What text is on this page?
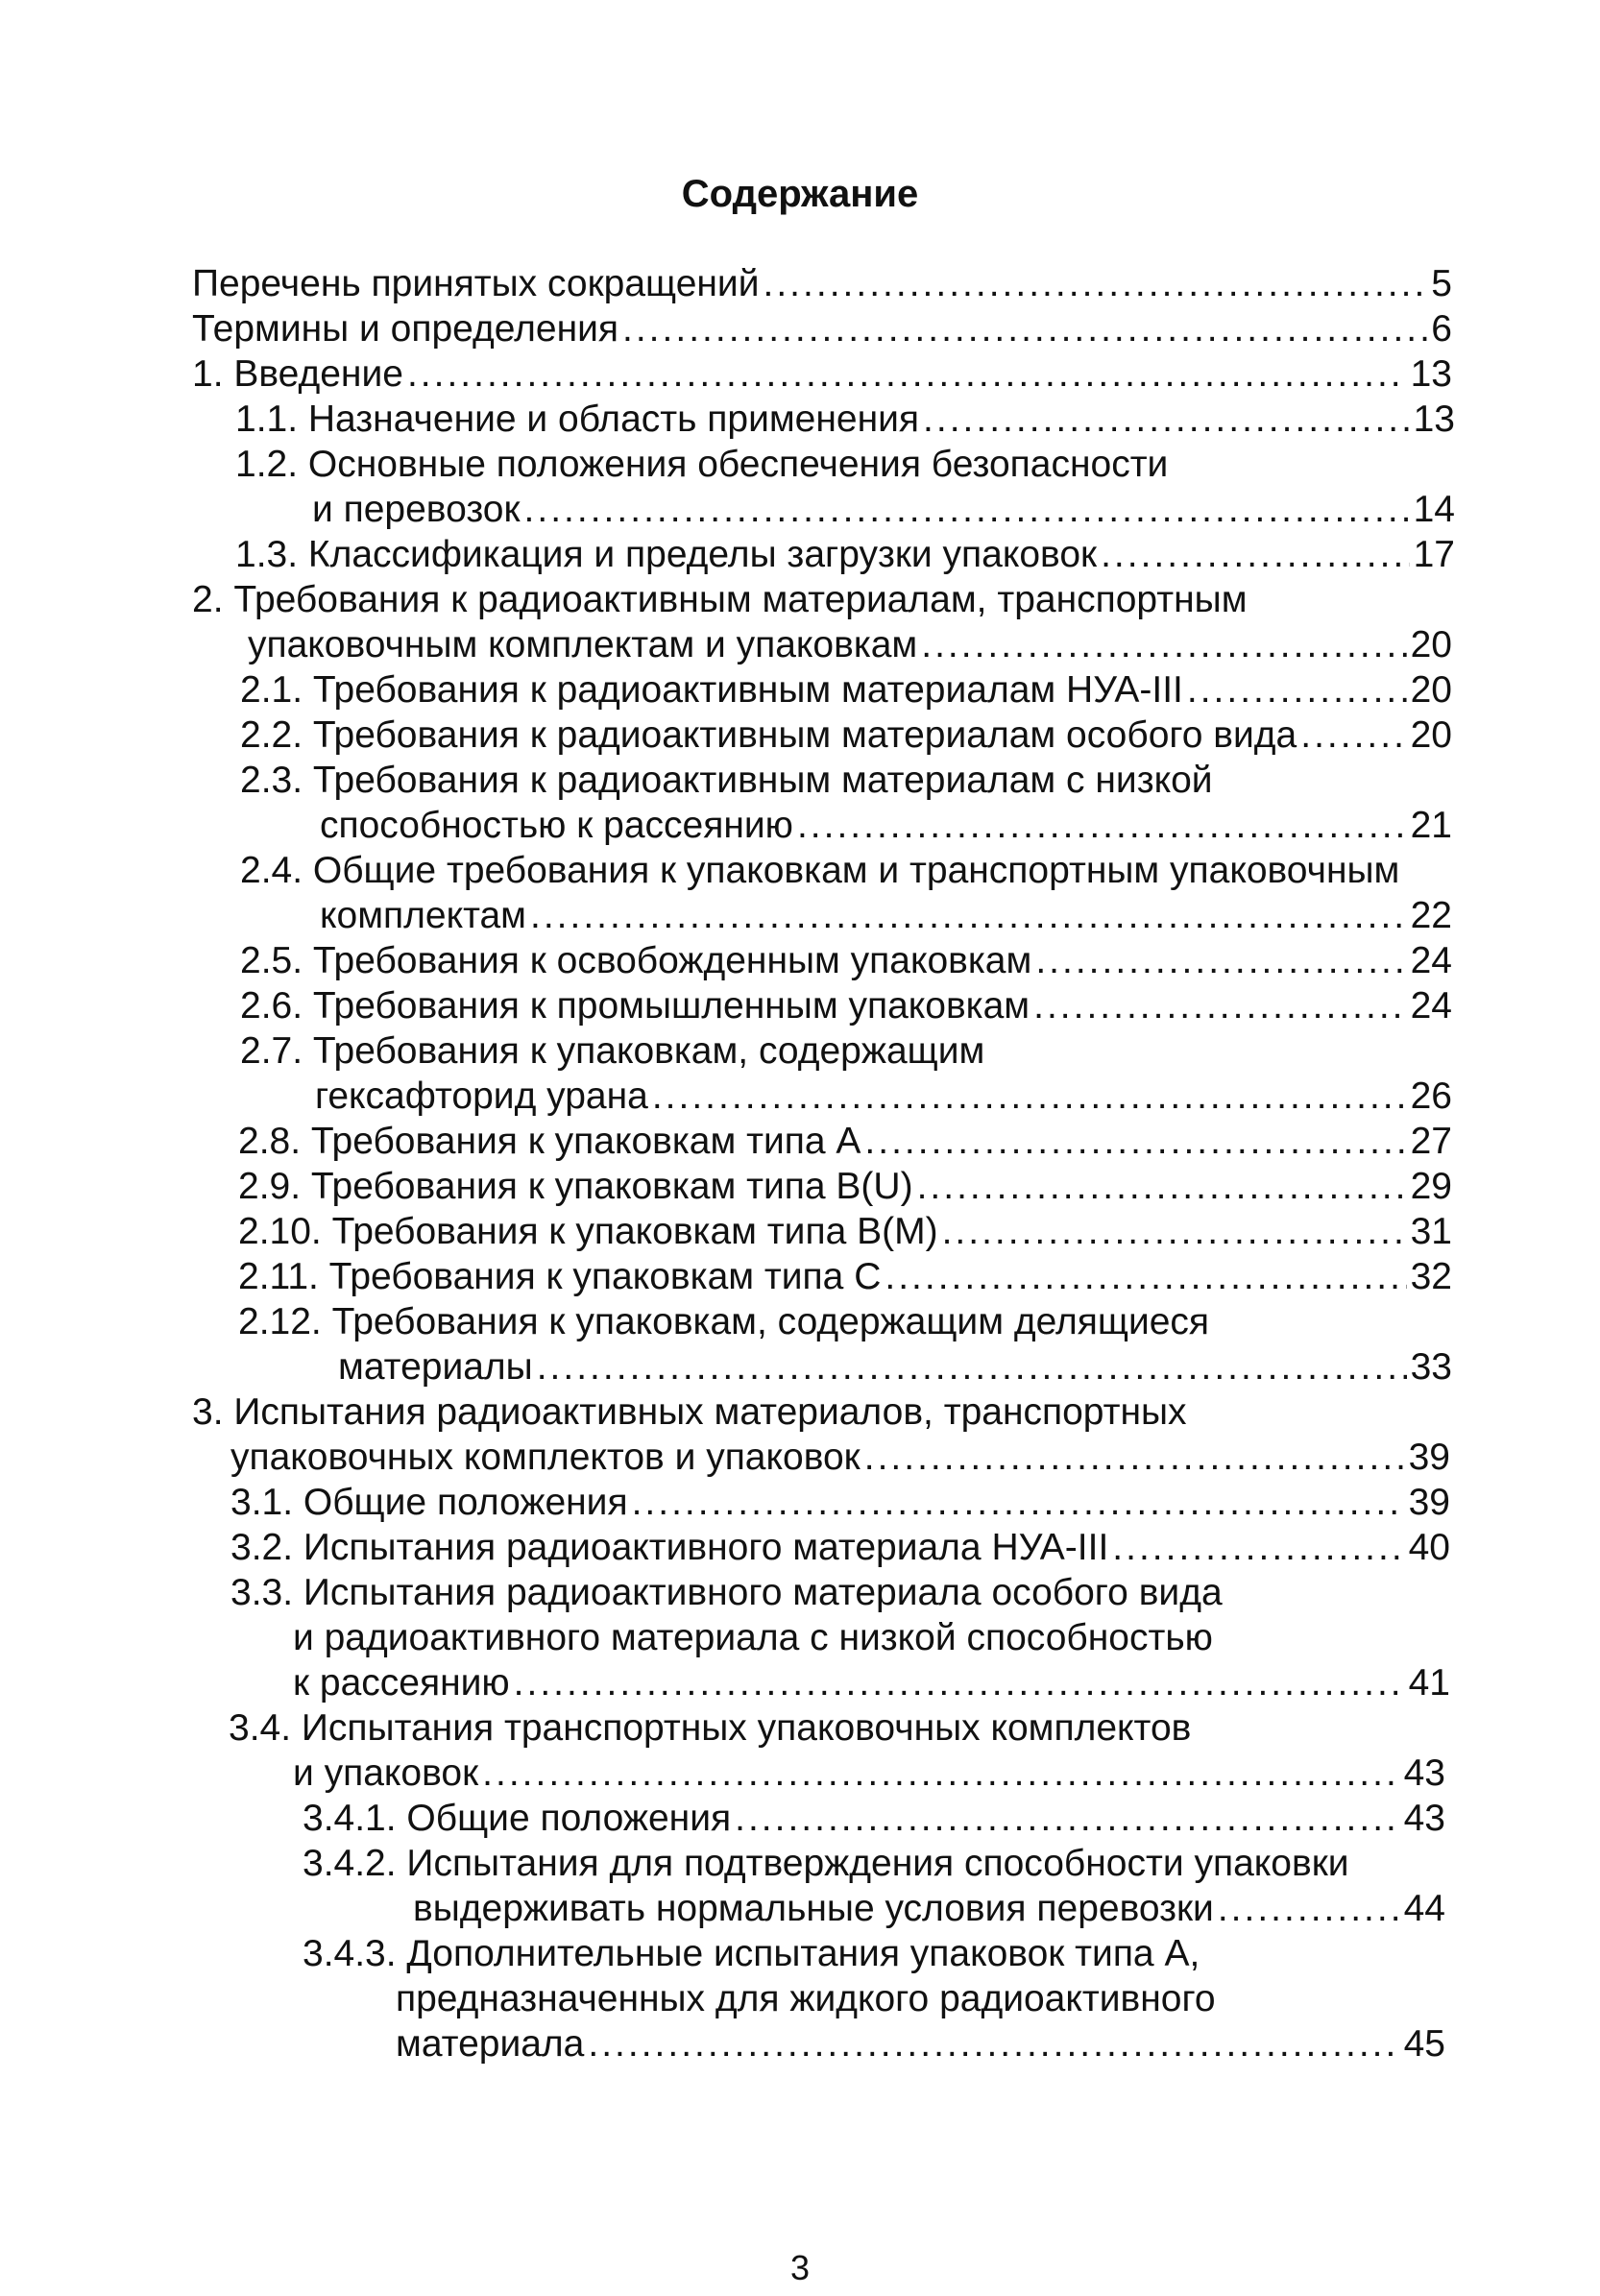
Содержание
Перечень принятых сокращений .....	5
Термины и определения .....	6
1. Введение .....	13
1.1. Назначение и область применения .....	13
1.2. Основные положения обеспечения безопасности
и перевозок .....	14
1.3. Классификация и пределы загрузки упаковок .....	17
2. Требования к радиоактивным материалам, транспортным
упаковочным комплектам и упаковкам .....	20
2.1. Требования к радиоактивным материалам НУА-III .....	20
2.2. Требования к радиоактивным материалам особого вида .....	20
2.3. Требования к радиоактивным материалам с низкой
способностью к рассеянию .....	21
2.4. Общие требования к упаковкам и транспортным упаковочным
комплектам .....	22
2.5. Требования к освобожденным упаковкам .....	24
2.6. Требования к промышленным упаковкам .....	24
2.7. Требования к упаковкам, содержащим
гексафторид урана .....	26
2.8. Требования к упаковкам типа А .....	27
2.9. Требования к упаковкам типа В(U) .....	29
2.10. Требования к упаковкам типа В(М) .....	31
2.11. Требования к упаковкам типа С .....	32
2.12. Требования к упаковкам, содержащим делящиеся
материалы .....	33
3. Испытания радиоактивных материалов, транспортных
упаковочных комплектов и упаковок .....	39
3.1. Общие положения .....	39
3.2. Испытания радиоактивного материала НУА-III .....	40
3.3. Испытания радиоактивного материала особого вида
и радиоактивного материала с низкой способностью
к рассеянию .....	41
3.4. Испытания транспортных упаковочных комплектов
и упаковок .....	43
3.4.1. Общие положения .....	43
3.4.2. Испытания для подтверждения способности упаковки
выдерживать нормальные условия перевозки .....	44
3.4.3. Дополнительные испытания упаковок типа А,
предназначенных для жидкого радиоактивного
материала .....	45
3
